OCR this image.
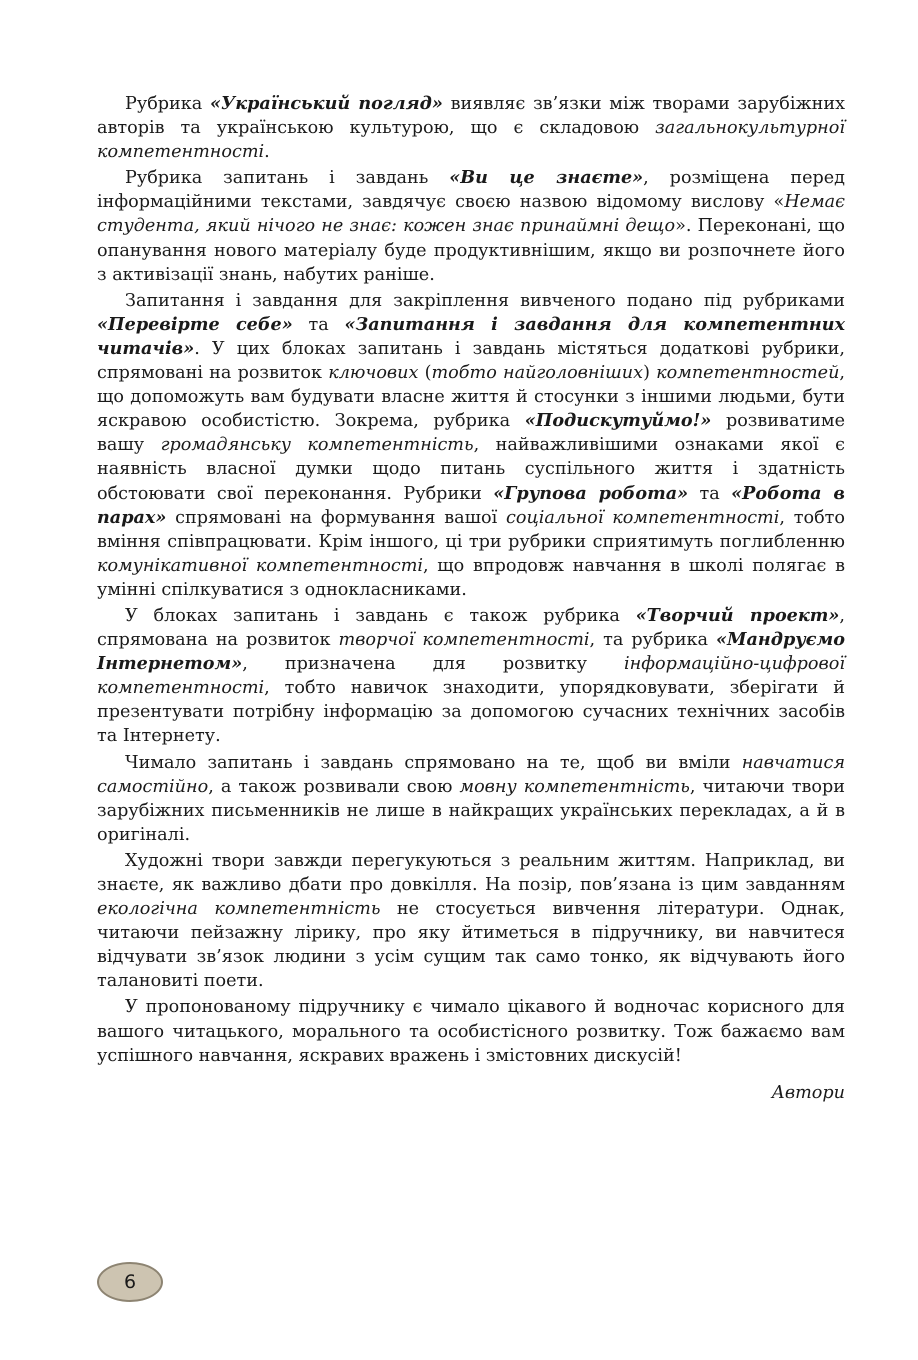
Рубрика «Український погляд» виявляє зв’язки між творами зарубіжних авторів та українською культурою, що є складовою загальнокультурної компетентності.

Рубрика запитань і завдань «Ви це знаєте», розміщена перед інформаційними текстами, завдячує своєю назвою відомому вислову «Немає студента, який нічого не знає: кожен знає принаймні дещо». Переконані, що опанування нового матеріалу буде продуктивнішим, якщо ви розпочнете його з активізації знань, набутих раніше.

Запитання і завдання для закріплення вивченого подано під рубриками «Перевірте себе» та «Запитання і завдання для компетентних читачів». У цих блоках запитань і завдань містяться додаткові рубрики, спрямовані на розвиток ключових (тобто найголовніших) компетентностей, що допоможуть вам будувати власне життя й стосунки з іншими людьми, бути яскравою особистістю. Зокрема, рубрика «Подискутуймо!» розвиватиме вашу громадянську компетентність, найважливішими ознаками якої є наявність власної думки щодо питань суспільного життя і здатність обстоювати свої переконання. Рубрики «Групова робота» та «Робота в парах» спрямовані на формування вашої соціальної компетентності, тобто вміння співпрацювати. Крім іншого, ці три рубрики сприятимуть поглибленню комунікативної компетентності, що впродовж навчання в школі полягає в умінні спілкуватися з однокласниками.

У блоках запитань і завдань є також рубрика «Творчий проект», спрямована на розвиток творчої компетентності, та рубрика «Мандруємо Інтернетом», призначена для розвитку інформаційно-цифрової компетентності, тобто навичок знаходити, упорядковувати, зберігати й презентувати потрібну інформацію за допомогою сучасних технічних засобів та Інтернету.

Чимало запитань і завдань спрямовано на те, щоб ви вміли навчатися самостійно, а також розвивали свою мовну компетентність, читаючи твори зарубіжних письменників не лише в найкращих українських перекладах, а й в оригіналі.

Художні твори завжди перегукуються з реальним життям. Наприклад, ви знаєте, як важливо дбати про довкілля. На позір, пов’язана із цим завданням екологічна компетентність не стосується вивчення літератури. Однак, читаючи пейзажну лірику, про яку йтиметься в підручнику, ви навчитеся відчувати зв’язок людини з усім сущим так само тонко, як відчувають його талановиті поети.

У пропонованому підручнику є чимало цікавого й водночас корисного для вашого читацького, морального та особистісного розвитку. Тож бажаємо вам успішного навчання, яскравих вражень і змістовних дискусій!

Автори
6
